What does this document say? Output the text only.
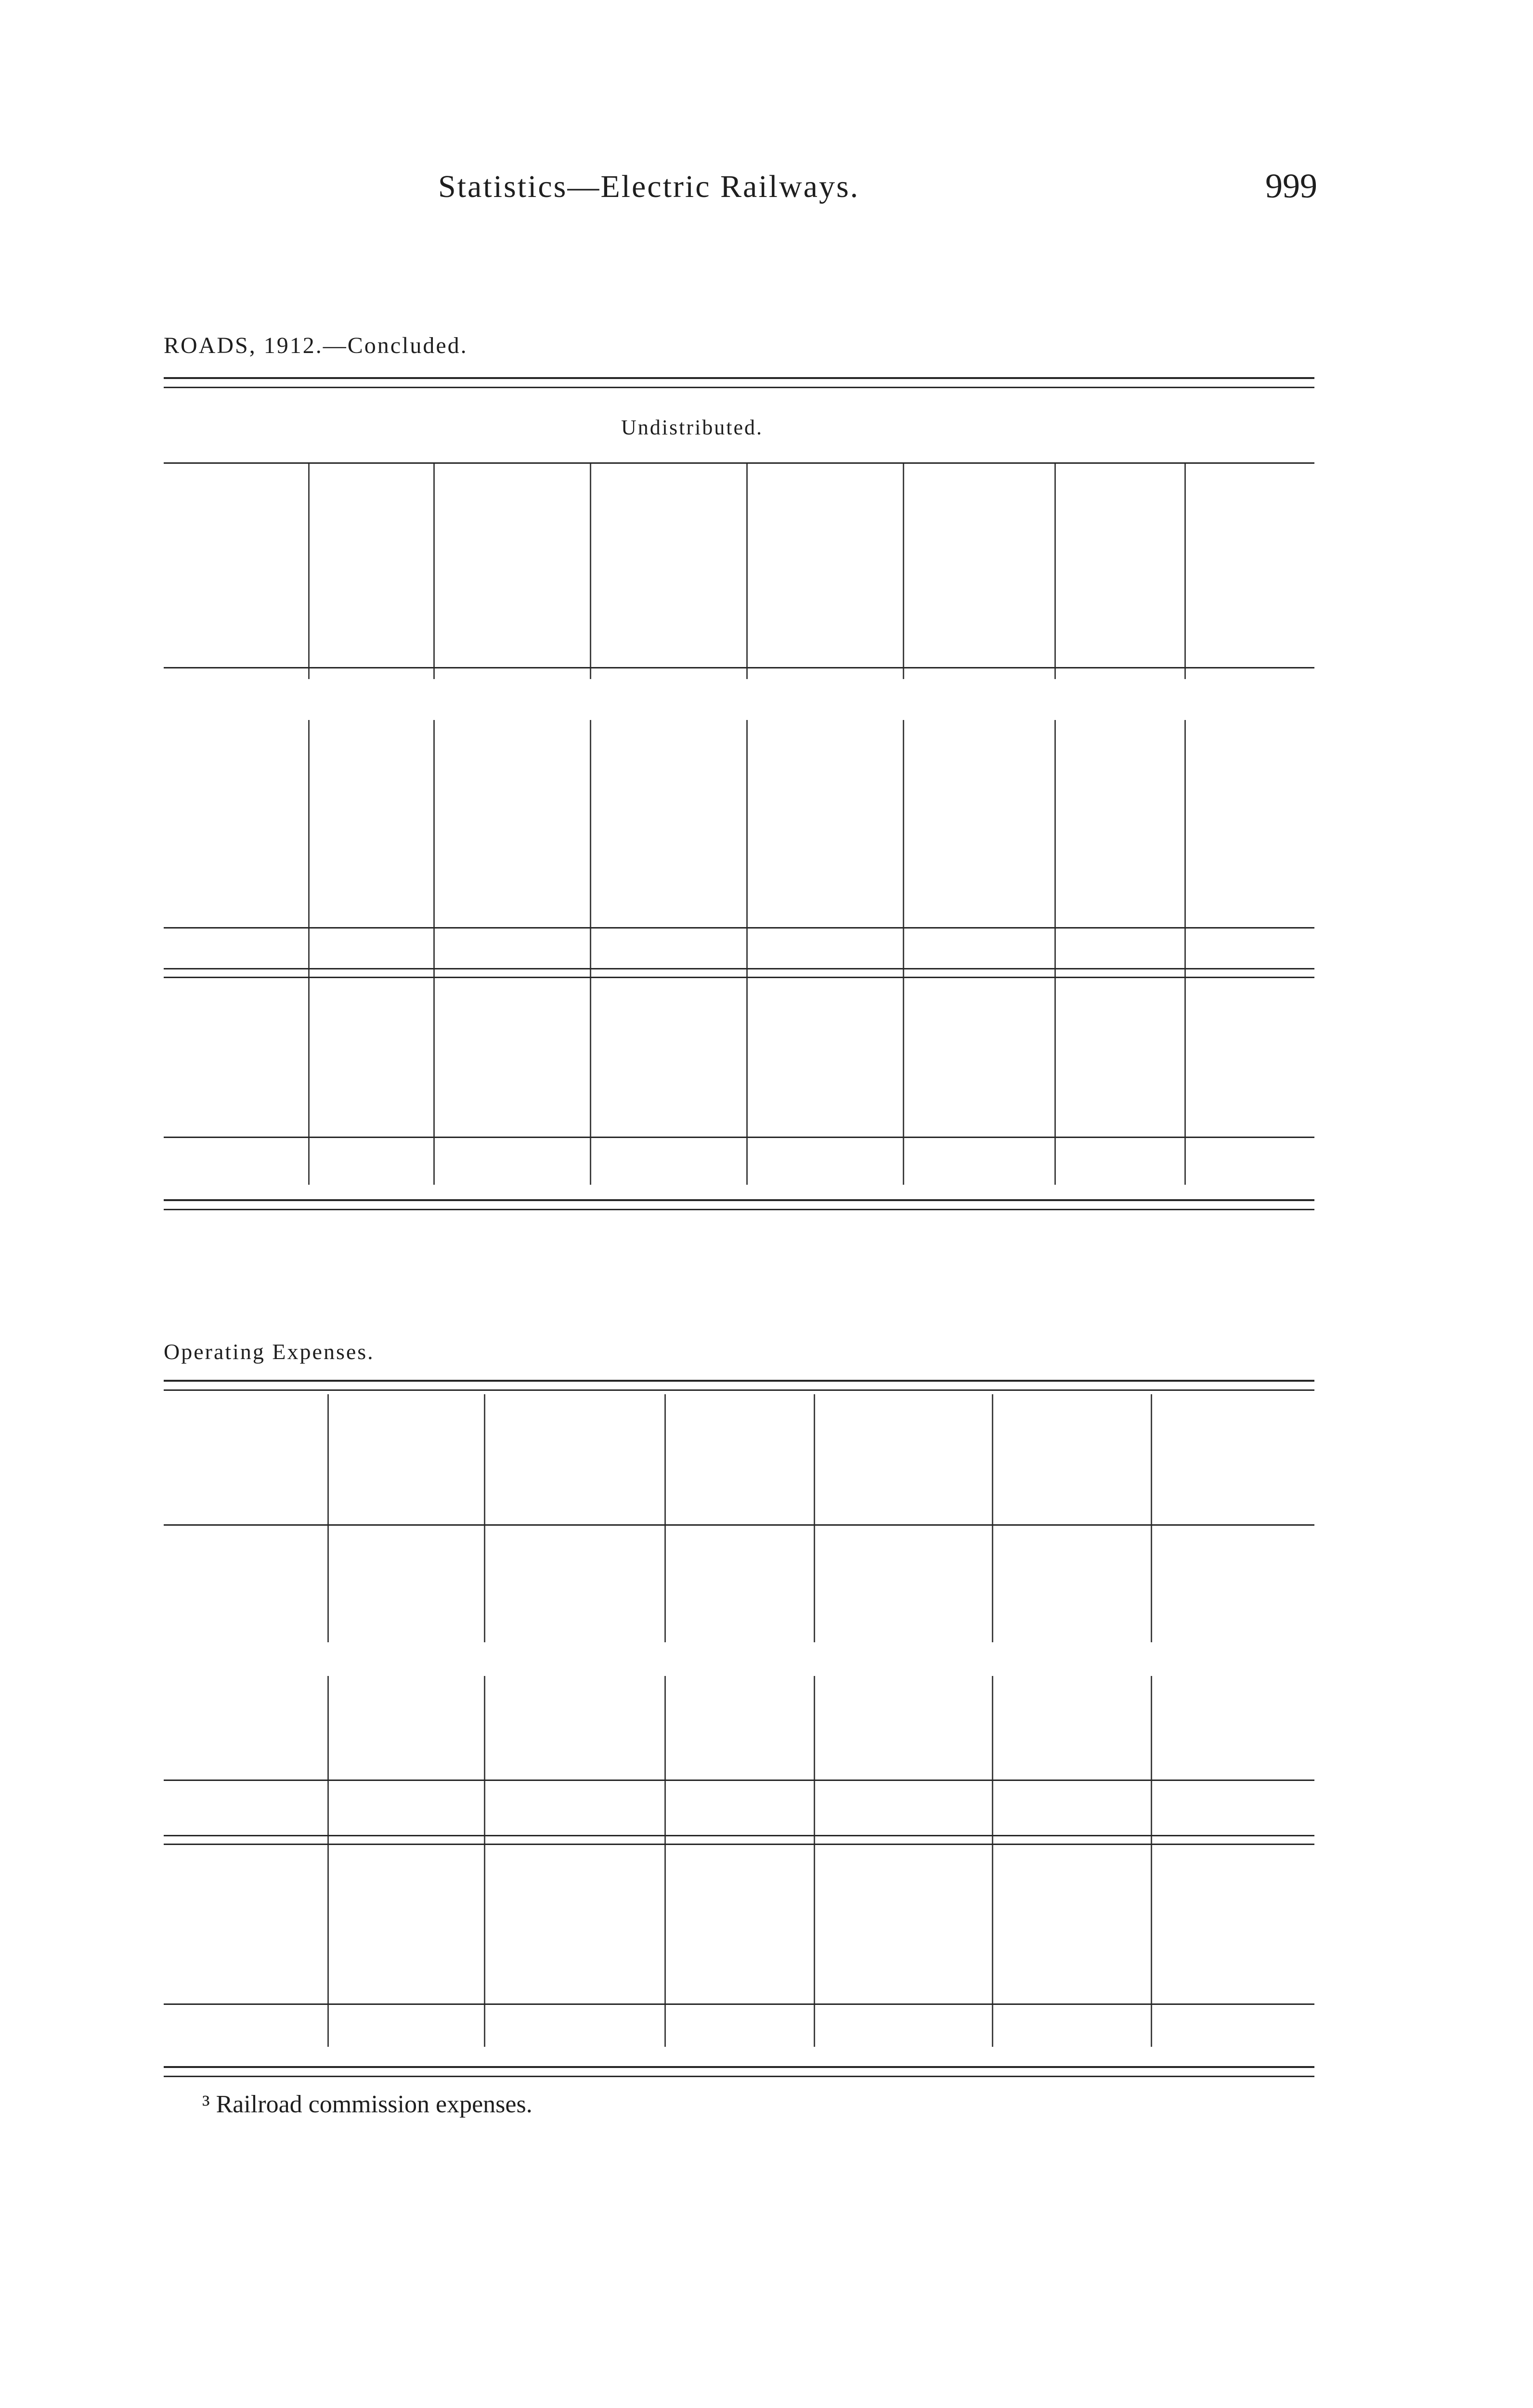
Statistics—Electric Railways.	999
ROADS, 1912.—Concluded.
Undistributed.
Operating Expenses.
³ Railroad commission expenses.
